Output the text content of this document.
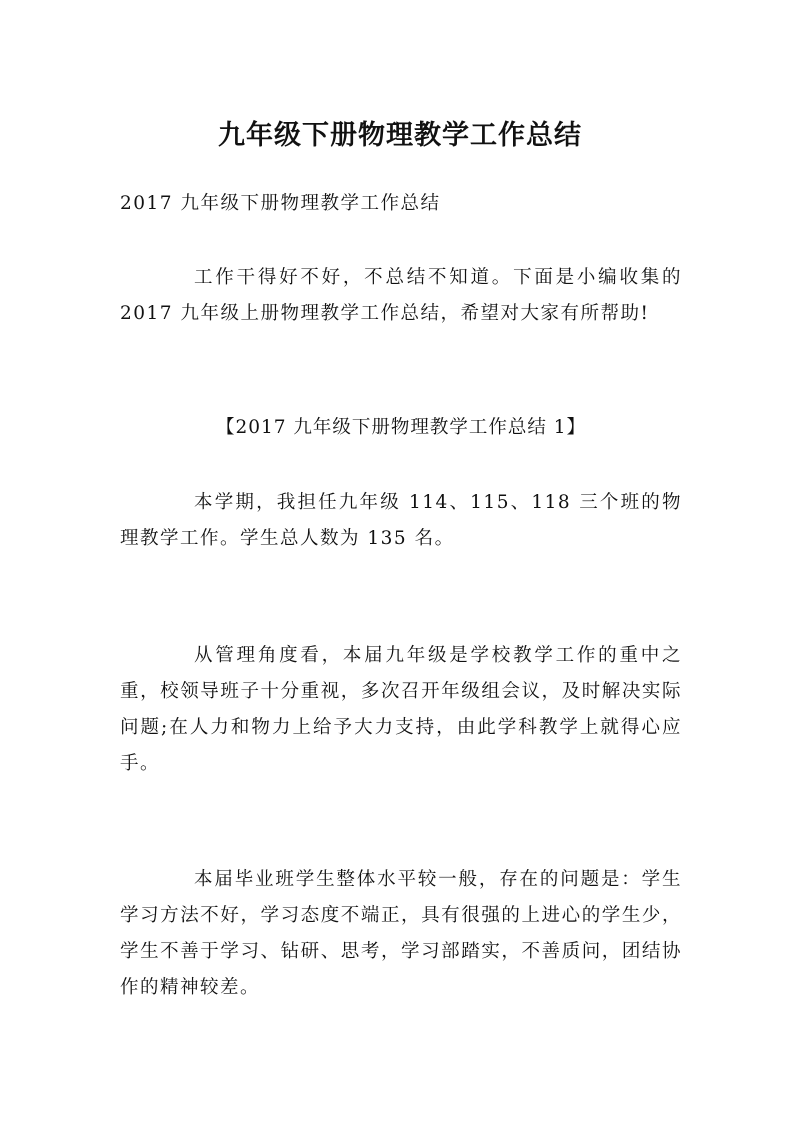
九年级下册物理教学工作总结

2017 九年级下册物理教学工作总结

工作干得好不好，不总结不知道。下面是小编收集的 2017 九年级上册物理教学工作总结，希望对大家有所帮助!

【2017 九年级下册物理教学工作总结 1】

本学期，我担任九年级 114、115、118 三个班的物理教学工作。学生总人数为 135 名。

从管理角度看，本届九年级是学校教学工作的重中之重，校领导班子十分重视，多次召开年级组会议，及时解决实际问题;在人力和物力上给予大力支持，由此学科教学上就得心应手。

本届毕业班学生整体水平较一般，存在的问题是：学生学习方法不好，学习态度不端正，具有很强的上进心的学生少，学生不善于学习、钻研、思考，学习部踏实，不善质问，团结协作的精神较差。
